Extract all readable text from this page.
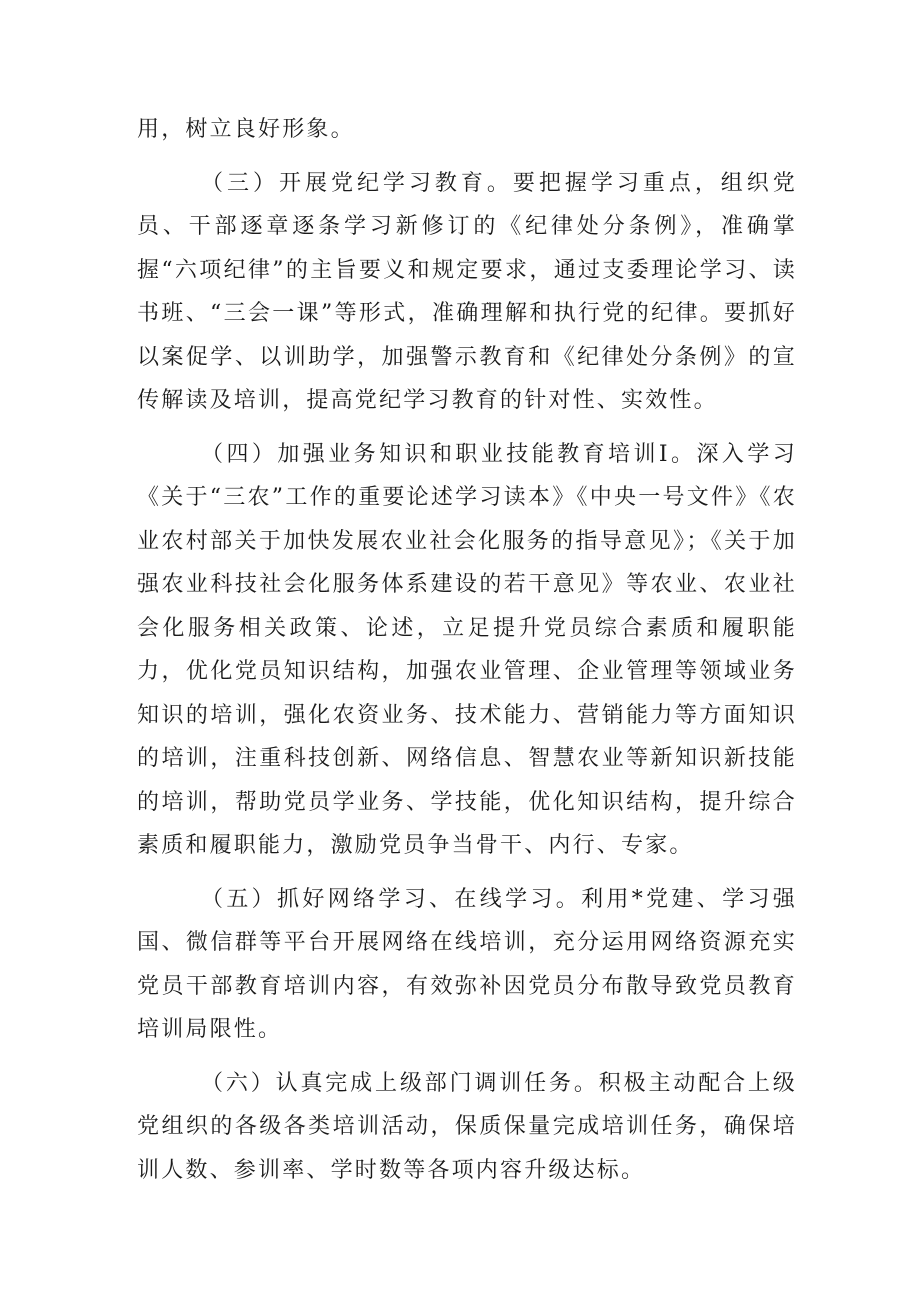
用，树立良好形象。

（三）开展党纪学习教育。要把握学习重点，组织党员、干部逐章逐条学习新修订的《纪律处分条例》，准确掌握“六项纪律”的主旨要义和规定要求，通过支委理论学习、读书班、“三会一课”等形式，准确理解和执行党的纪律。要抓好以案促学、以训助学，加强警示教育和《纪律处分条例》的宣传解读及培训，提高党纪学习教育的针对性、实效性。

（四）加强业务知识和职业技能教育培训I。深入学习《关于“三农”工作的重要论述学习读本》《中央一号文件》《农业农村部关于加快发展农业社会化服务的指导意见》；《关于加强农业科技社会化服务体系建设的若干意见》等农业、农业社会化服务相关政策、论述，立足提升党员综合素质和履职能力，优化党员知识结构，加强农业管理、企业管理等领域业务知识的培训，强化农资业务、技术能力、营销能力等方面知识的培训，注重科技创新、网络信息、智慧农业等新知识新技能的培训，帮助党员学业务、学技能，优化知识结构，提升综合素质和履职能力，激励党员争当骨干、内行、专家。

（五）抓好网络学习、在线学习。利用*党建、学习强国、微信群等平台开展网络在线培训，充分运用网络资源充实党员干部教育培训内容，有效弥补因党员分布散导致党员教育培训局限性。

（六）认真完成上级部门调训任务。积极主动配合上级党组织的各级各类培训活动，保质保量完成培训任务，确保培训人数、参训率、学时数等各项内容升级达标。
